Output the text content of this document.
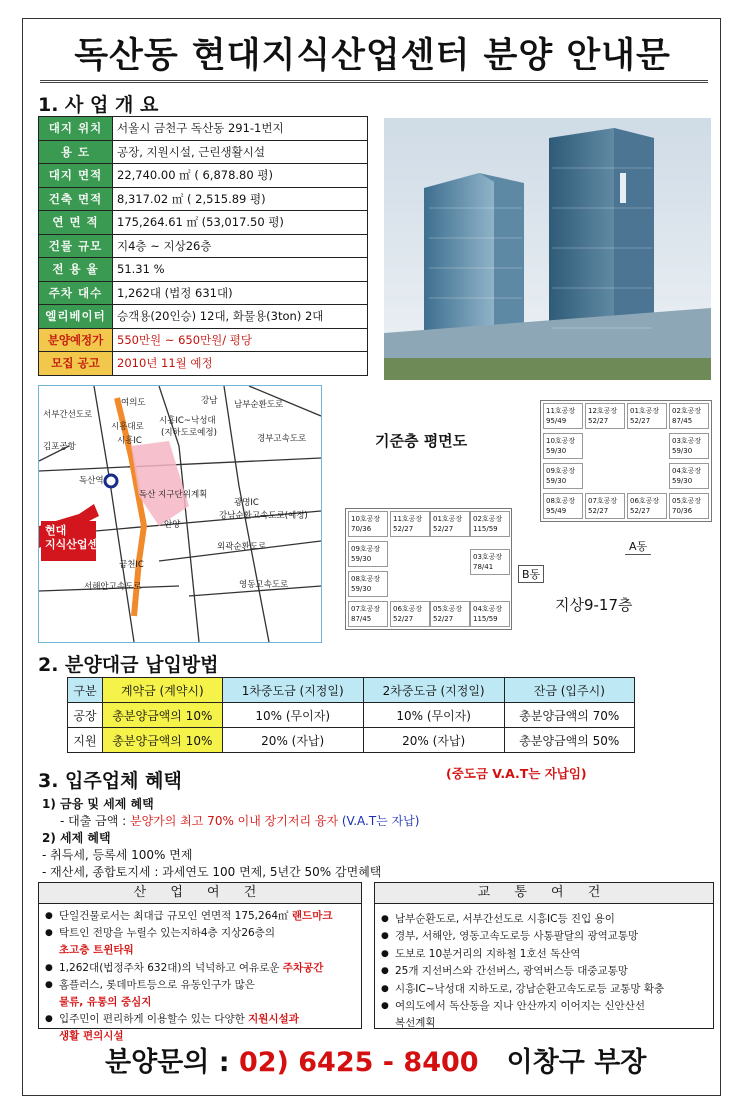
독산동 현대지식산업센터 분양 안내문
1. 사 업 개 요
대지 위치	서울시 금천구 독산동 291-1번지
용 도	공장, 지원시설, 근린생활시설
대지 면적	22,740.00 ㎡ ( 6,878.80 평)
건축 면적	8,317.02 ㎡ ( 2,515.89 평)
연 면 적	175,264.61 ㎡ (53,017.50 평)
건물 규모	지4층 ~ 지상26층
전 용 율	51.31 %
주차 대수	1,262대 (법정 631대)
엘리베이터	승객용(20인승) 12대, 화물용(3ton) 2대
분양예정가	550만원 ~ 650만원/ 평당
모집 공고	2010년 11월 예정
서부간선도로
여의도	강남 남부순환도로
시흥IC~낙성대
(지하도로예정)
시흥대로
시흥IC	경부고속도로
김포공항
독산역
독산 지구단위계획
광명IC
강남순환고속도로(예정)
안양
외곽순환도로
금천IC
서해안고속도로	영동고속도로
현대
지식산업센터
기준층 평면도
11호공장
95/49
12호공장
52/27
01호공장
52/27
02호공장
87/45
10호공장
59/30
03호공장
59/30
09호공장
59/30
04호공장
59/30
08호공장
95/49
07호공장
52/27
06호공장
52/27
05호공장
70/36
10호공장
70/36
11호공장
52/27
01호공장
52/27
02호공장
115/59
09호공장
59/30	03호공장
78/41
08호공장
59/30
07호공장
87/45
06호공장
52/27
05호공장
52/27
04호공장
115/59
A동
B동
지상9-17층
2. 분양대금 납입방법
구분	계약금 (계약시)	1차중도금 (지정일)	2차중도금 (지정일)	잔금 (입주시)
공장	총분양금액의 10%	10% (무이자)	10% (무이자)	총분양금액의 70%
지원	총분양금액의 10%	20% (자납)	20% (자납)	총분양금액의 50%
3. 입주업체 혜택	(중도금 V.A.T는 자납임)
1) 금융 및 세제 혜택
- 대출 금액 : 분양가의 최고 70% 이내 장기저리 융자 (V.A.T는 자납)
2) 세제 혜택
- 취득세, 등록세 100% 면제
- 재산세, 종합토지세 : 과세연도 100 면제, 5년간 50% 감면혜택
산 업 여 건
● 단일건물로서는 최대급 규모인 연면적 175,264㎡ 랜드마크
● 탁트인 전망을 누릴수 있는지하4층 지상26층의
초고층 트윈타워
● 1,262대(법정주차 632대)의 넉넉하고 여유로운 주차공간
● 홈플러스, 롯데마트등으로 유동인구가 많은
물류, 유통의 중심지
● 입주민이 편리하게 이용할수 있는 다양한 지원시설과
생활 편의시설
교 통 여 건
● 남부순환도로, 서부간선도로 시흥IC등 진입 용이
● 경부, 서해안, 영동고속도로등 사통팔달의 광역교통망
● 도보로 10분거리의 지하철 1호선 독산역
● 25개 지선버스와 간선버스, 광역버스등 대중교통망
● 시흥IC~낙성대 지하도로, 강남순환고속도로등 교통망 확충
● 여의도에서 독산동을 지나 안산까지 이어지는 신안산선
복선계획
분양문의 : 02) 6425 - 8400 이창구 부장
